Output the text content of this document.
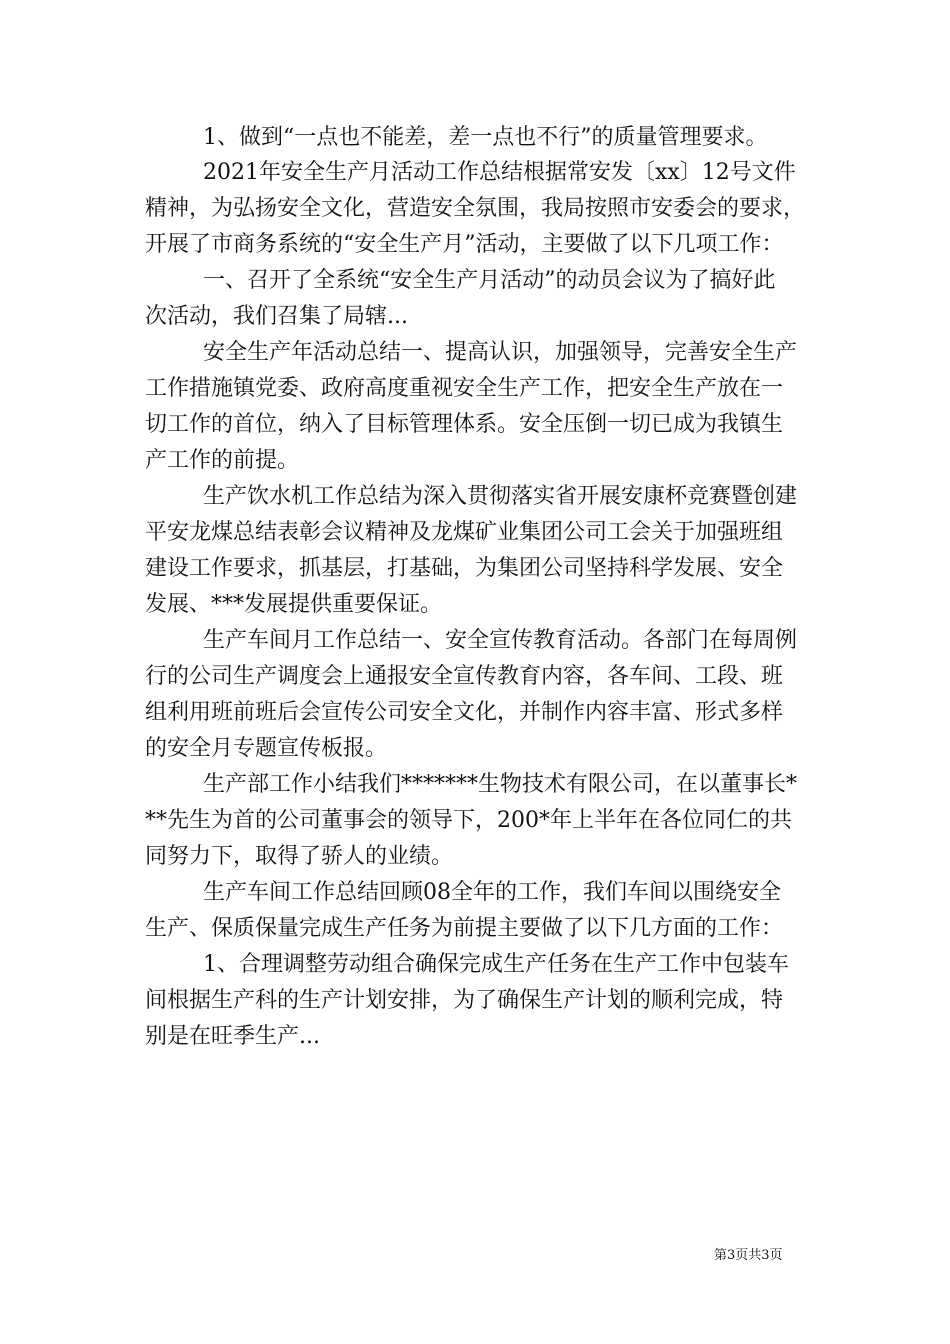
1、做到“一点也不能差，差一点也不行”的质量管理要求。
2021年安全生产月活动工作总结根据常安发〔xx〕12号文件
精神，为弘扬安全文化，营造安全氛围，我局按照市安委会的要求，
开展了市商务系统的“安全生产月”活动，主要做了以下几项工作：
一、召开了全系统“安全生产月活动”的动员会议为了搞好此
次活动，我们召集了局辖...
安全生产年活动总结一、提高认识，加强领导，完善安全生产
工作措施镇党委、政府高度重视安全生产工作，把安全生产放在一
切工作的首位，纳入了目标管理体系。安全压倒一切已成为我镇生
产工作的前提。
生产饮水机工作总结为深入贯彻落实省开展安康杯竞赛暨创建
平安龙煤总结表彰会议精神及龙煤矿业集团公司工会关于加强班组
建设工作要求，抓基层，打基础，为集团公司坚持科学发展、安全
发展、***发展提供重要保证。
生产车间月工作总结一、安全宣传教育活动。各部门在每周例
行的公司生产调度会上通报安全宣传教育内容，各车间、工段、班
组利用班前班后会宣传公司安全文化，并制作内容丰富、形式多样
的安全月专题宣传板报。
生产部工作小结我们*******生物技术有限公司，在以董事长*
**先生为首的公司董事会的领导下，200*年上半年在各位同仁的共
同努力下，取得了骄人的业绩。
生产车间工作总结回顾08全年的工作，我们车间以围绕安全
生产、保质保量完成生产任务为前提主要做了以下几方面的工作：
1、合理调整劳动组合确保完成生产任务在生产工作中包装车
间根据生产科的生产计划安排，为了确保生产计划的顺利完成，特
别是在旺季生产...
第3页共3页
